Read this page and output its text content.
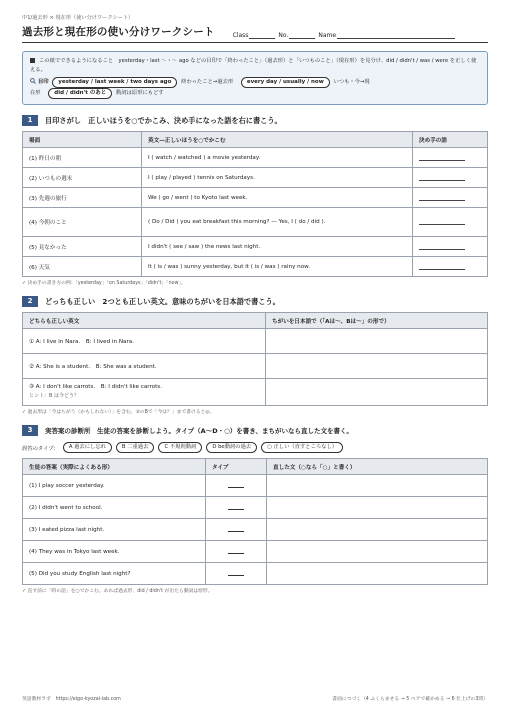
中1/過去形 × 現在形（使い分けワークシート）
過去形と現在形の使い分けワークシート	Class	No.	Name
この紙でできるようになること　yesterday・last 〜・〜 ago などの目印で「終わったこと」（過去形）と「いつものこと」（現在形）を見分け、did / didn't / was / were を正しく使える。
目印 yesterday / last week / two days ago 終わったこと→過去形 every day / usually / now いつも・今→現
在形 did / didn't のあと 動詞は原形にもどす
1	目印さがし　正しいほうを○でかこみ、決め手になった語を右に書こう。
場面	英文—正しいほうを○でかこむ	決め手の語
(1) 昨日の朝	I ( watch / watched ) a movie yesterday.	
(2) いつもの週末	I ( play / played ) tennis on Saturdays.	
(3) 先週の旅行	We ( go / went ) to Kyoto last week.	
(4) 今朝のこと	( Do / Did ) you eat breakfast this morning? — Yes, I ( do / did ).	
(5) 見なかった	I didn't ( see / saw ) the news last night.	
(6) 天気	It ( is / was ) sunny yesterday, but it ( is / was ) rainy now.	
✓ 決め手の書き方の例：「yesterday」「on Saturdays」「didn't」「now」。
2	どっちも正しい　2つとも正しい英文。意味のちがいを日本語で書こう。
どちらも正しい英文	ちがいを日本語で（「Aは〜、Bは〜」の形で）
① A: I live in Nara.　B: I lived in Nara.	
② A: She is a student.　B: She was a student.	

③ A: I don't like carrots.　B: I didn't like carrots.
ヒント：B は今どう？	

✓ 過去形は「今はちがう（かもしれない）」を含む。③のBで「今は？」まで書けると◎。
3	実答案の診断所　生徒の答案を診断しよう。タイプ（A〜D・○）を書き、まちがいなら直した文を書く。
誤答のタイプ：	A 過去にし忘れ	B 二重過去	C 不規則動詞	D be動詞の過去	○ 正しい（直すところなし）
生徒の答案（実際によくある形）	タイプ	直した文（○なら「○」と書く）
(1) I play soccer yesterday.		
(2) I didn't went to school.		
(3) I eated pizza last night.		
(4) They was in Tokyo last week.		
(5) Did you study English last night?		
✓ 直す前に「時の語」を○でかこむ。あれば過去形、did / didn't が出たら動詞は原形。
英語教材ラボ　https://eigo-kyozai-lab.com	書面につづく（4 ふくらませる → 5 ペアで確かめる → 6 仕上げの3問）
